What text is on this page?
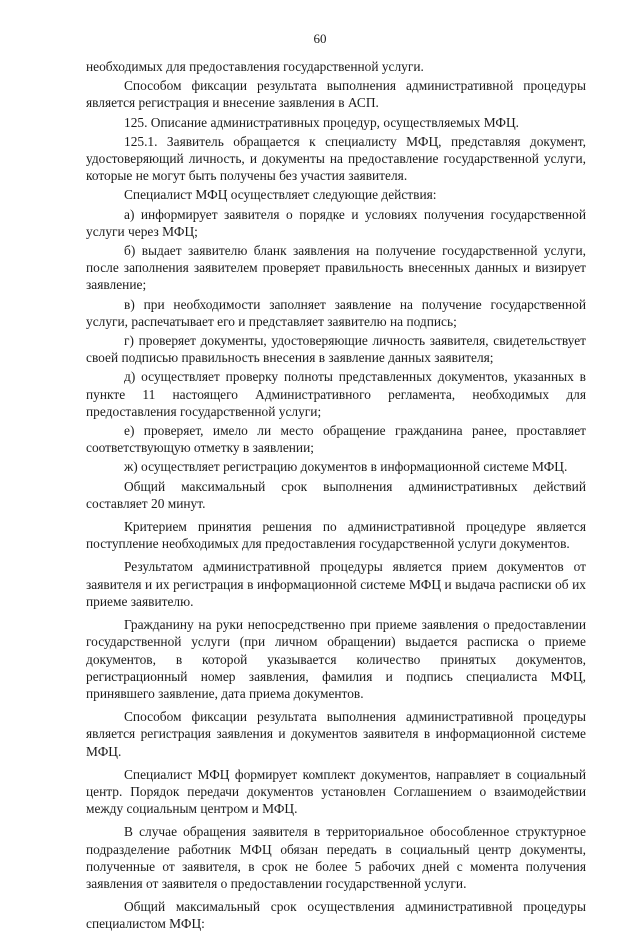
60

необходимых для предоставления государственной услуги.

Способом фиксации результата выполнения административной процедуры является регистрация и внесение заявления в АСП.

125. Описание административных процедур, осуществляемых МФЦ.

125.1. Заявитель обращается к специалисту МФЦ, представляя документ, удостоверяющий личность, и документы на предоставление государственной услуги, которые не могут быть получены без участия заявителя.

Специалист МФЦ осуществляет следующие действия:

а) информирует заявителя о порядке и условиях получения государственной услуги через МФЦ;

б) выдает заявителю бланк заявления на получение государственной услуги, после заполнения заявителем проверяет правильность внесенных данных и визирует заявление;

в) при необходимости заполняет заявление на получение государственной услуги, распечатывает его и представляет заявителю на подпись;

г) проверяет документы, удостоверяющие личность заявителя, свидетельствует своей подписью правильность внесения в заявление данных заявителя;

д) осуществляет проверку полноты представленных документов, указанных в пункте 11 настоящего Административного регламента, необходимых для предоставления государственной услуги;

е) проверяет, имело ли место обращение гражданина ранее, проставляет соответствующую отметку в заявлении;

ж) осуществляет регистрацию документов в информационной системе МФЦ.

Общий максимальный срок выполнения административных действий составляет 20 минут.

Критерием принятия решения по административной процедуре является поступление необходимых для предоставления государственной услуги документов.

Результатом административной процедуры является прием документов от заявителя и их регистрация в информационной системе МФЦ и выдача расписки об их приеме заявителю.

Гражданину на руки непосредственно при приеме заявления о предоставлении государственной услуги (при личном обращении) выдается расписка о приеме документов, в которой указывается количество принятых документов, регистрационный номер заявления, фамилия и подпись специалиста МФЦ, принявшего заявление, дата приема документов.

Способом фиксации результата выполнения административной процедуры является регистрация заявления и документов заявителя в информационной системе МФЦ.

Специалист МФЦ формирует комплект документов, направляет в социальный центр. Порядок передачи документов установлен Соглашением о взаимодействии между социальным центром и МФЦ.

В случае обращения заявителя в территориальное обособленное структурное подразделение работник МФЦ обязан передать в социальный центр документы, полученные от заявителя, в срок не более 5 рабочих дней с момента получения заявления от заявителя о предоставлении государственной услуги.

Общий максимальный срок осуществления административной процедуры специалистом МФЦ:
